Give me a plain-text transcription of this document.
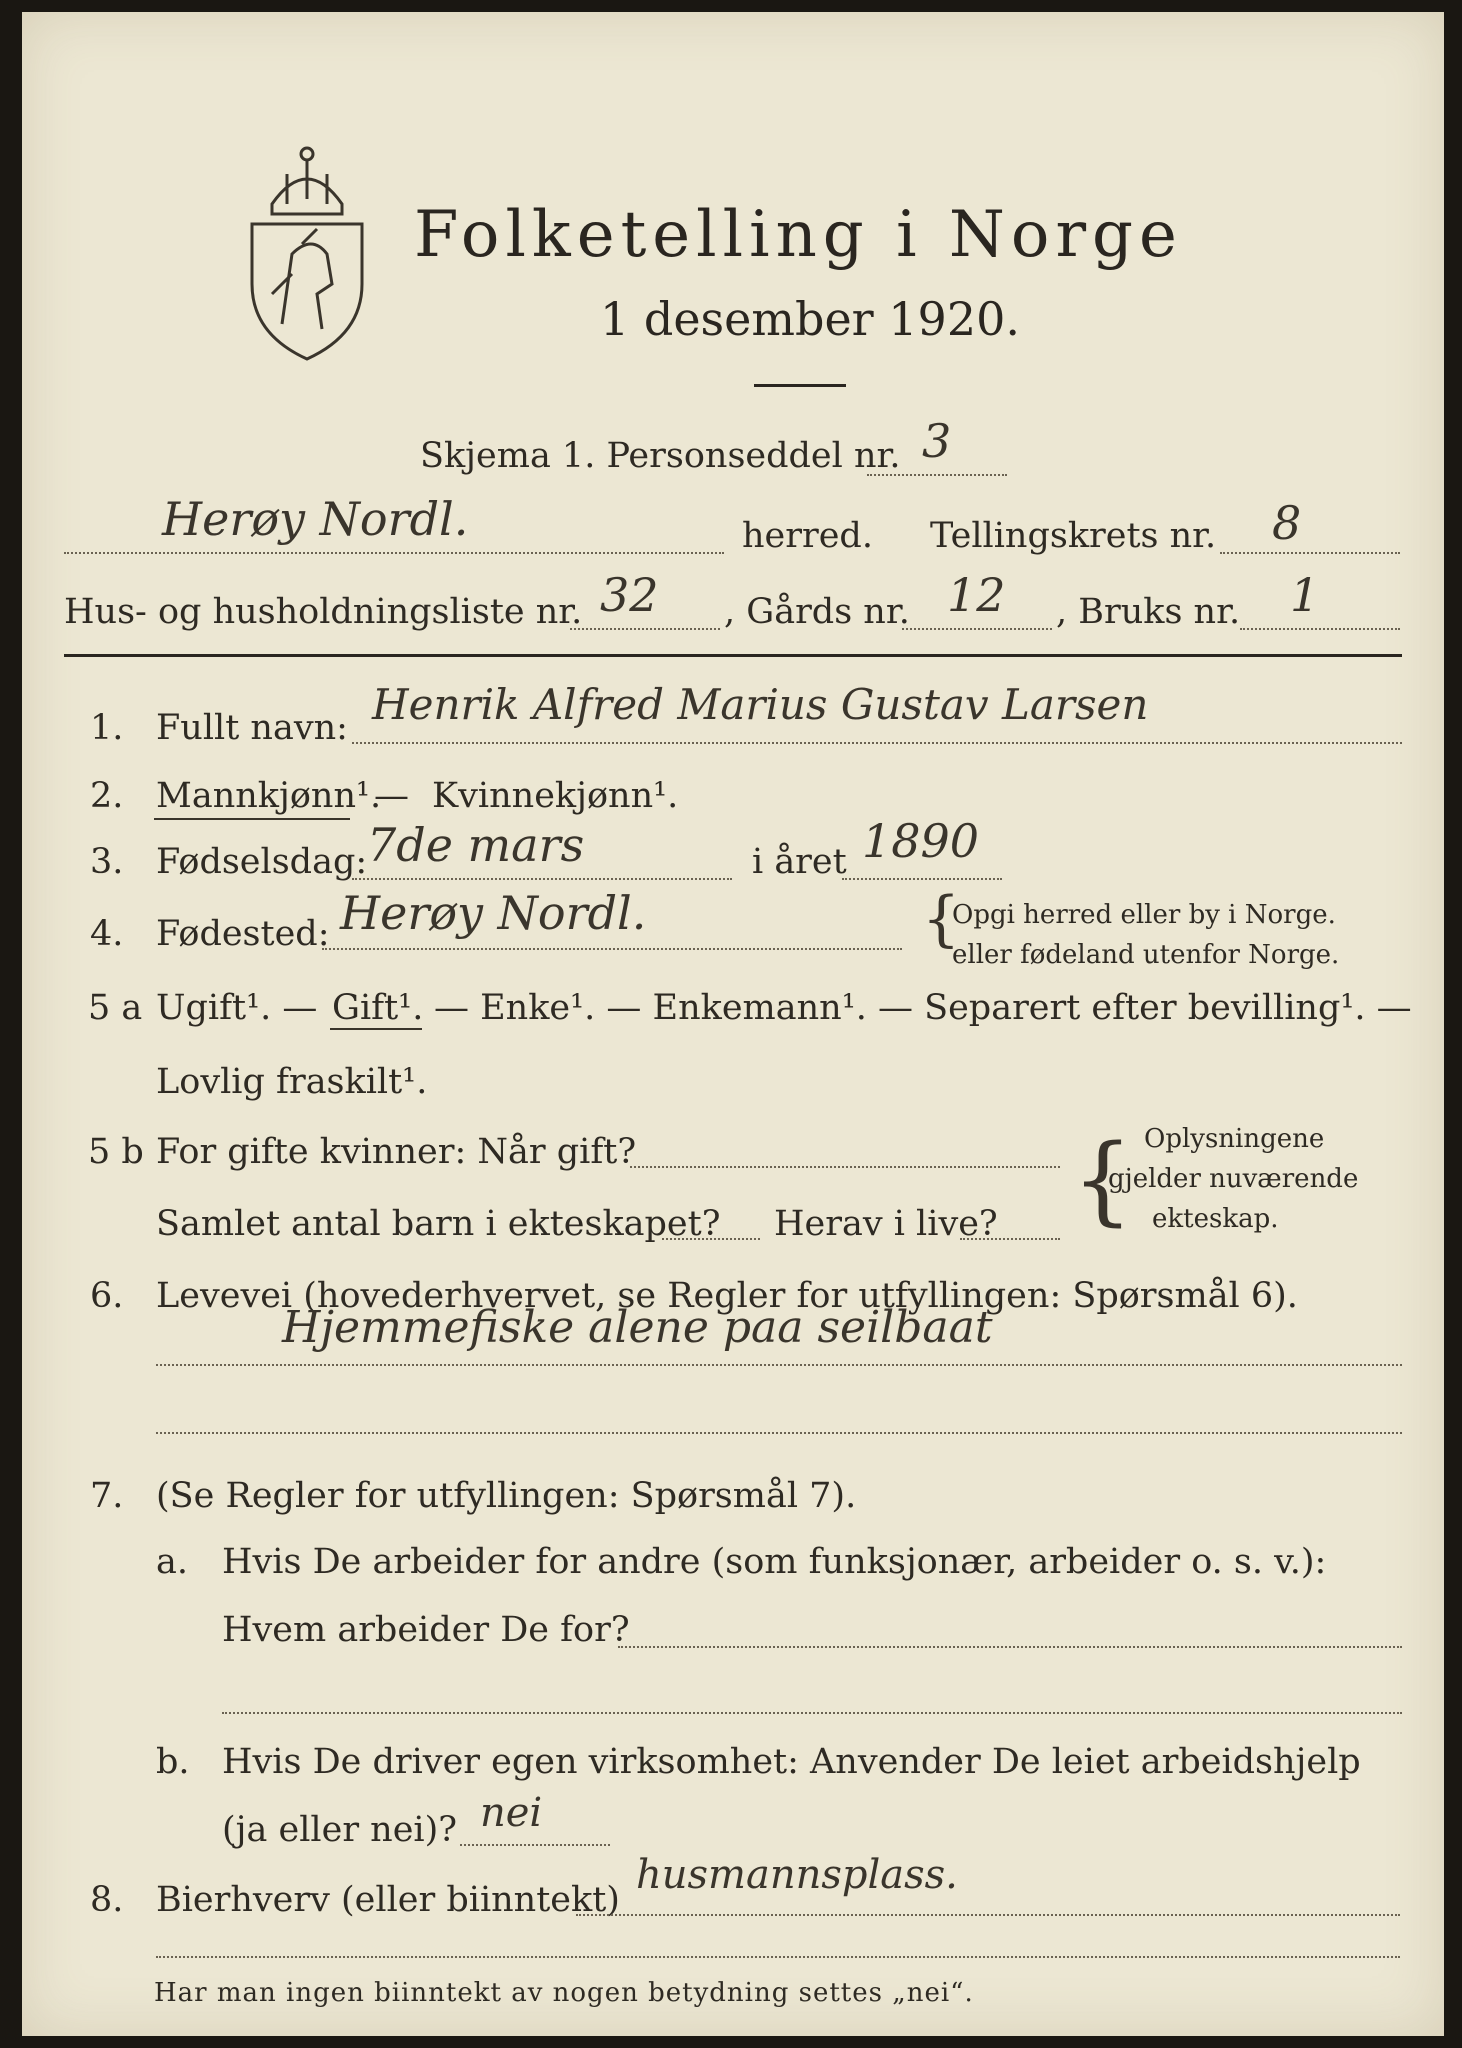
Folketelling i Norge
1 desember 1920.
Skjema 1. Personseddel nr. 3
Herøy Nordl.	herred. Tellingskrets nr. 8
Hus- og husholdningsliste nr. 32 , Gårds nr. 12 , Bruks nr. 1
1. Fullt navn: Henrik Alfred Marius Gustav Larsen
2. Mannkjønn¹.
— Kvinnekjønn¹.
3. Fødselsdag: 7de mars	i året 1890
4. Fødested: Herøy Nordl.	{
Opgi herred eller by i Norge.
eller fødeland utenfor Norge.
5 a Ugift¹. — Gift¹. — Enke¹. — Enkemann¹. — Separert efter bevilling¹. —
Lovlig fraskilt¹.
5 b For gifte kvinner: Når gift?
Samlet antal barn i ekteskapet? Herav i live? { Oplysningene
gjelder nuværende
ekteskap.
6. Levevei (hovederhvervet, se Regler for utfyllingen: Spørsmål 6).
Hjemmefiske alene paa seilbaat
7. (Se Regler for utfyllingen: Spørsmål 7).
a. Hvis De arbeider for andre (som funksjonær, arbeider o. s. v.):
Hvem arbeider De for?
b. Hvis De driver egen virksomhet: Anvender De leiet arbeidshjelp
(ja eller nei)? nei
8. Bierhverv (eller biinntekt)
husmannsplass.
Har man ingen biinntekt av nogen betydning settes „nei“.
